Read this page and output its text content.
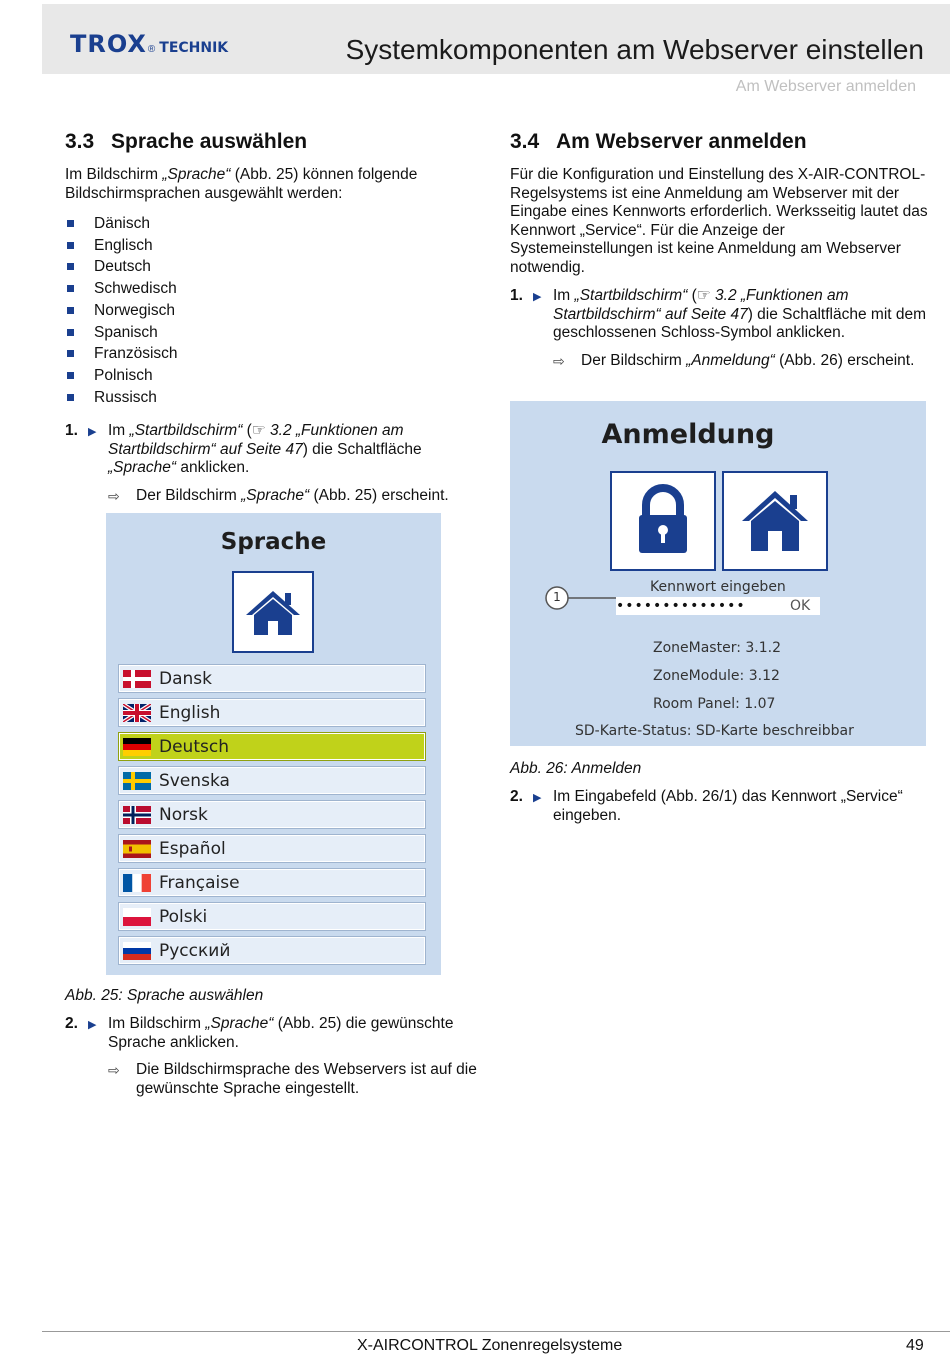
TROX ® TECHNIK	Systemkomponenten am Webserver einstellen
Am Webserver anmelden
3.3 Sprache auswählen

Im Bildschirm „Sprache“ (Abb. 25) können folgende Bildschirmsprachen ausgewählt werden:

Dänisch
Englisch
Deutsch
Schwedisch
Norwegisch
Spanisch
Französisch
Polnisch
Russisch
1. ▶ Im „Startbildschirm“ (☞ 3.2 „Funktionen am Startbildschirm“ auf Seite 47) die Schaltfläche „Sprache“ anklicken.
⇨ Der Bildschirm „Sprache“ (Abb. 25) erscheint.
Sprache
Dansk
English
Deutsch
Svenska
Norsk
Español
Française
Polski
Русский
Abb. 25: Sprache auswählen
2. ▶ Im Bildschirm „Sprache“ (Abb. 25) die gewünschte Sprache anklicken.
⇨ Die Bildschirmsprache des Webservers ist auf die gewünschte Sprache eingestellt.
3.4 Am Webserver anmelden

Für die Konfiguration und Einstellung des X-AIR-CONTROL-Regelsystems ist eine Anmeldung am Webserver mit der Eingabe eines Kennworts erforderlich. Werksseitig lautet das Kennwort „Service“. Für die Anzeige der Systemeinstellungen ist keine Anmeldung am Webserver notwendig.

1. ▶ Im „Startbildschirm“ (☞ 3.2 „Funktionen am Startbildschirm“ auf Seite 47) die Schaltfläche mit dem geschlossenen Schloss-Symbol anklicken.
⇨ Der Bildschirm „Anmeldung“ (Abb. 26) erscheint.
Anmeldung
1
Kennwort eingeben
••••••••••••••	OK
ZoneMaster: 3.1.2
ZoneModule: 3.12
Room Panel: 1.07
SD-Karte-Status: SD-Karte beschreibbar
Abb. 26: Anmelden
2. ▶ Im Eingabefeld (Abb. 26/1) das Kennwort „Service“ eingeben.
X-AIRCONTROL Zonenregelsysteme	49
